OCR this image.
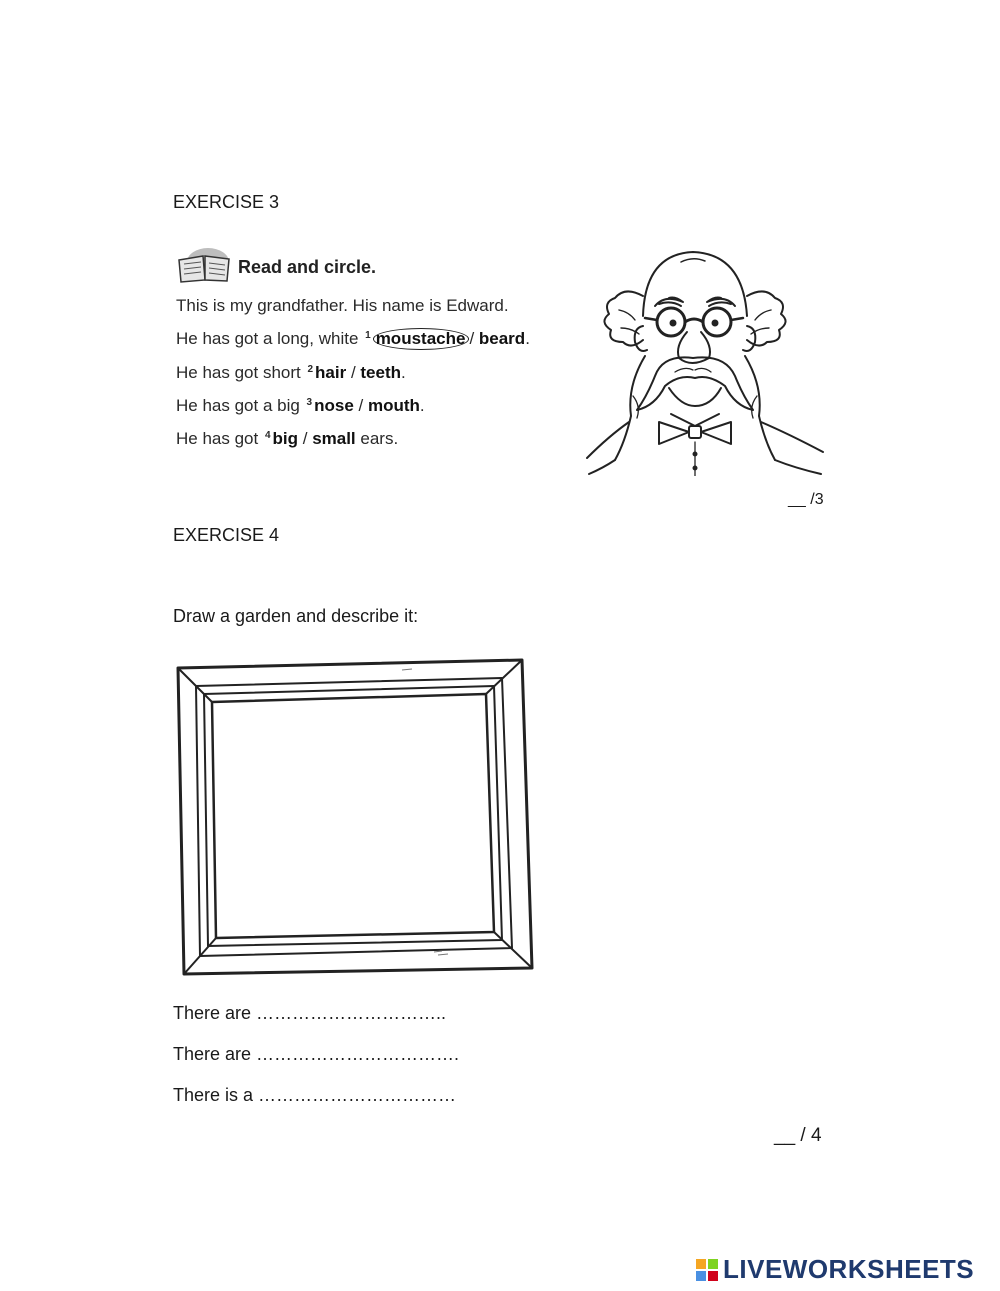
EXERCISE 3
Read and circle.
This is my grandfather. His name is Edward.
He has got a long, white $^1$ moustache / beard.
He has got short $^2$ hair / teeth.
He has got a big $^3$ nose / mouth.
He has got $^4$ big / small ears.
__ /3
EXERCISE 4
Draw a garden and describe it:
There are …………………………..
There are …………………………….
There is a ……………………………
__ / 4
LIVEWORKSHEETS
